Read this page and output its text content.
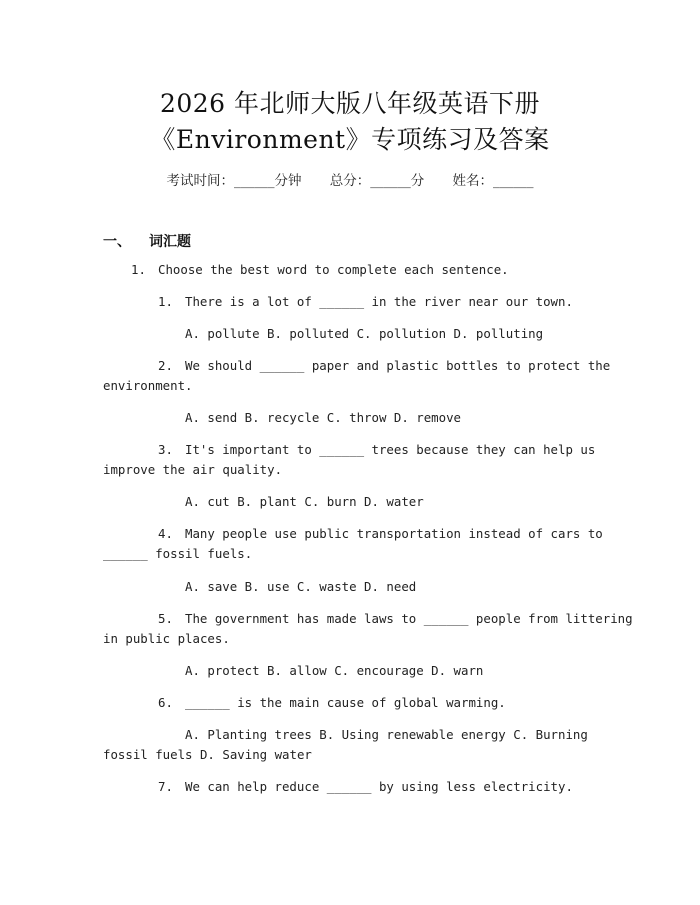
2026 年北师大版八年级英语下册
《Environment》专项练习及答案
考试时间：______分钟 总分：______分 姓名：______
一、 词汇题
1. Choose the best word to complete each sentence.
1. There is a lot of ______ in the river near our town.
A. pollute B. polluted C. pollution D. polluting
2. We should ______ paper and plastic bottles to protect the
environment.
A. send B. recycle C. throw D. remove
3. It's important to ______ trees because they can help us
improve the air quality.
A. cut B. plant C. burn D. water
4. Many people use public transportation instead of cars to
______ fossil fuels.
A. save B. use C. waste D. need
5. The government has made laws to ______ people from littering
in public places.
A. protect B. allow C. encourage D. warn
6. ______ is the main cause of global warming.
A. Planting trees B. Using renewable energy C. Burning
fossil fuels D. Saving water
7. We can help reduce ______ by using less electricity.
